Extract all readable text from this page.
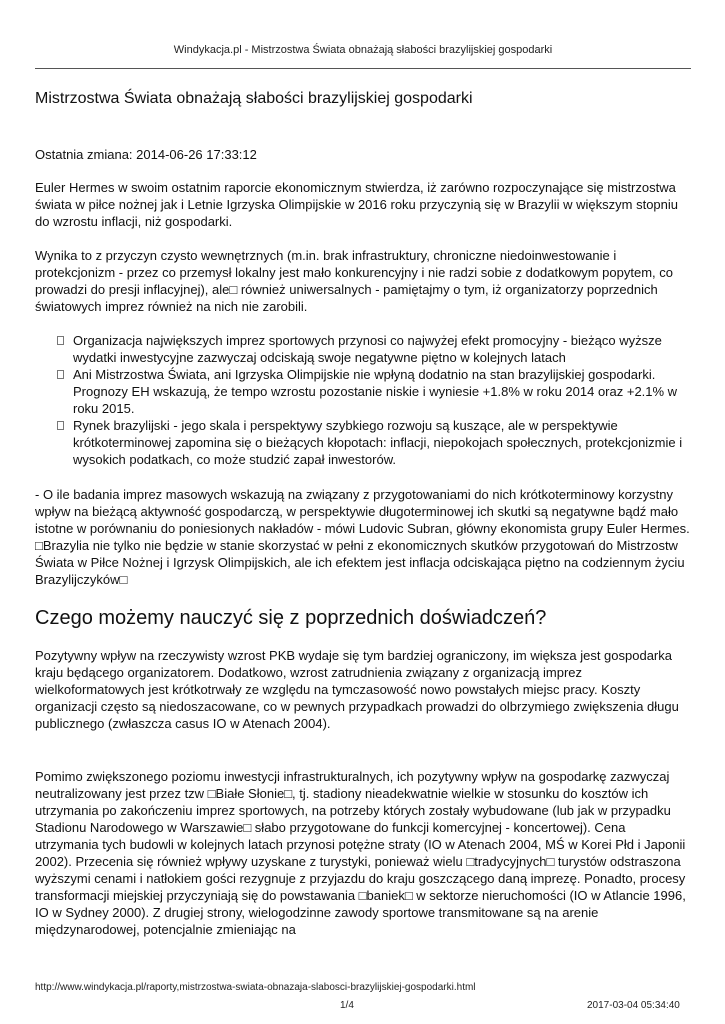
Windykacja.pl - Mistrzostwa Świata obnażają słabości brazylijskiej gospodarki
Mistrzostwa Świata obnażają słabości brazylijskiej gospodarki

Ostatnia zmiana: 2014-06-26 17:33:12

Euler Hermes w swoim ostatnim raporcie ekonomicznym stwierdza, iż zarówno rozpoczynające się mistrzostwa świata w piłce nożnej jak i Letnie Igrzyska Olimpijskie w 2016 roku przyczynią się w Brazylii w większym stopniu do wzrostu inflacji, niż gospodarki.

Wynika to z przyczyn czysto wewnętrznych (m.in. brak infrastruktury, chroniczne niedoinwestowanie i protekcjonizm - przez co przemysł lokalny jest mało konkurencyjny i nie radzi sobie z dodatkowym popytem, co prowadzi do presji inflacyjnej), ale□ również uniwersalnych - pamiętajmy o tym, iż organizatorzy poprzednich światowych imprez również na nich nie zarobili.

Organizacja największych imprez sportowych przynosi co najwyżej efekt promocyjny - bieżąco wyższe wydatki inwestycyjne zazwyczaj odciskają swoje negatywne piętno w kolejnych latach
Ani Mistrzostwa Świata, ani Igrzyska Olimpijskie nie wpłyną dodatnio na stan brazylijskiej gospodarki. Prognozy EH wskazują, że tempo wzrostu pozostanie niskie i wyniesie +1.8% w roku 2014 oraz +2.1% w roku 2015.
Rynek brazylijski - jego skala i perspektywy szybkiego rozwoju są kuszące, ale w perspektywie krótkoterminowej zapomina się o bieżących kłopotach: inflacji, niepokojach społecznych, protekcjonizmie i wysokich podatkach, co może studzić zapał inwestorów.

- O ile badania imprez masowych wskazują na związany z przygotowaniami do nich krótkoterminowy korzystny wpływ na bieżącą aktywność gospodarczą, w perspektywie długoterminowej ich skutki są negatywne bądź mało istotne w porównaniu do poniesionych nakładów - mówi Ludovic Subran, główny ekonomista grupy Euler Hermes. □Brazylia nie tylko nie będzie w stanie skorzystać w pełni z ekonomicznych skutków przygotowań do Mistrzostw Świata w Piłce Nożnej i Igrzysk Olimpijskich, ale ich efektem jest inflacja odciskająca piętno na codziennym życiu Brazylijczyków□

Czego możemy nauczyć się z poprzednich doświadczeń?

Pozytywny wpływ na rzeczywisty wzrost PKB wydaje się tym bardziej ograniczony, im większa jest gospodarka kraju będącego organizatorem. Dodatkowo, wzrost zatrudnienia związany z organizacją imprez wielkoformatowych jest krótkotrwały ze względu na tymczasowość nowo powstałych miejsc pracy. Koszty organizacji często są niedoszacowane, co w pewnych przypadkach prowadzi do olbrzymiego zwiększenia długu publicznego (zwłaszcza casus IO w Atenach 2004).

Pomimo zwiększonego poziomu inwestycji infrastrukturalnych, ich pozytywny wpływ na gospodarkę zazwyczaj neutralizowany jest przez tzw □Białe Słonie□, tj. stadiony nieadekwatnie wielkie w stosunku do kosztów ich utrzymania po zakończeniu imprez sportowych, na potrzeby których zostały wybudowane (lub jak w przypadku Stadionu Narodowego w Warszawie□ słabo przygotowane do funkcji komercyjnej - koncertowej). Cena utrzymania tych budowli w kolejnych latach przynosi potężne straty (IO w Atenach 2004, MŚ w Korei Płd i Japonii 2002). Przecenia się również wpływy uzyskane z turystyki, ponieważ wielu □tradycyjnych□ turystów odstraszona wyższymi cenami i natłokiem gości rezygnuje z przyjazdu do kraju goszczącego daną imprezę. Ponadto, procesy transformacji miejskiej przyczyniają się do powstawania □baniek□ w sektorze nieruchomości (IO w Atlancie 1996, IO w Sydney 2000). Z drugiej strony, wielogodzinne zawody sportowe transmitowane są na arenie międzynarodowej, potencjalnie zmieniając na

http://www.windykacja.pl/raporty,mistrzostwa-swiata-obnazaja-slabosci-brazylijskiej-gospodarki.html
1/4	2017-03-04 05:34:40
